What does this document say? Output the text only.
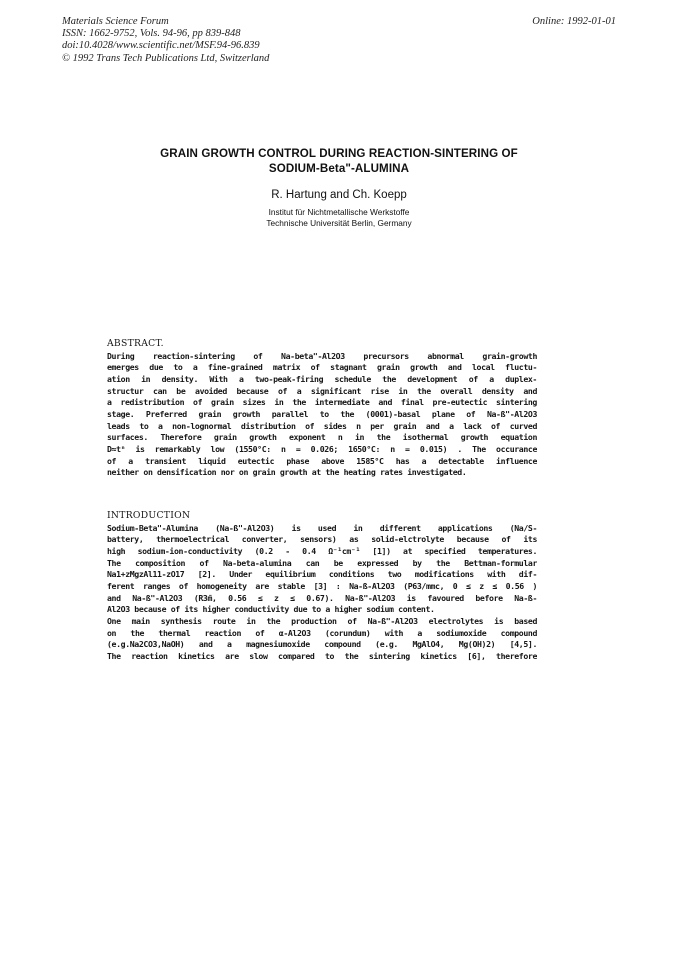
Materials Science Forum
ISSN: 1662-9752, Vols. 94-96, pp 839-848
doi:10.4028/www.scientific.net/MSF.94-96.839
© 1992 Trans Tech Publications Ltd, Switzerland
Online: 1992-01-01
GRAIN GROWTH CONTROL DURING REACTION-SINTERING OF
SODIUM-Beta"-ALUMINA
R. Hartung and Ch. Koepp
Institut für Nichtmetallische Werkstoffe
Technische Universität Berlin, Germany
ABSTRACT.
During reaction-sintering of Na-beta"-Al2O3 precursors abnormal grain-growth
emerges due to a fine-grained matrix of stagnant grain growth and local fluctu-
ation in density. With a two-peak-firing schedule the development of a duplex-
structur can be avoided because of a significant rise in the overall density and
a redistribution of grain sizes in the intermediate and final pre-eutectic sintering
stage. Preferred grain growth parallel to the (0001)-basal plane of Na-ß"-Al2O3
leads to a non-lognormal distribution of sides n per grain and a lack of curved
surfaces. Therefore grain growth exponent n in the isothermal growth equation
D≈tⁿ is remarkably low (1550°C: n = 0.026; 1650°C: n = 0.015) . The occurance
of a transient liquid eutectic phase above 1585°C has a detectable influence
neither on densification nor on grain growth at the heating rates investigated.
INTRODUCTION
Sodium-Beta"-Alumina (Na-ß"-Al2O3) is used in different applications (Na/S-
battery, thermoelectrical converter, sensors) as solid-elctrolyte because of its
high sodium-ion-conductivity (0.2 - 0.4 Ω⁻¹cm⁻¹ [1]) at specified temperatures.
The composition of Na-beta-alumina can be expressed by the Bettman-formular
Na1+zMgzAl11-zO17 [2]. Under equilibrium conditions two modifications with dif-
ferent ranges of homogeneity are stable [3] : Na-ß-Al2O3 (P63/mmc, 0 ≤ z ≤ 0.56 )
and Na-ß"-Al2O3 (R3̄m, 0.56 ≤ z ≤ 0.67). Na-ß"-Al2O3 is favoured before Na-ß-
Al2O3 because of its higher conductivity due to a higher sodium content.
One main synthesis route in the production of Na-ß"-Al2O3 electrolytes is based
on the thermal reaction of α-Al2O3 (corundum) with a sodiumoxide compound
(e.g.Na2CO3,NaOH) and a magnesiumoxide compound (e.g. MgAlO4, Mg(OH)2) [4,5].
The reaction kinetics are slow compared to the sintering kinetics [6], therefore
